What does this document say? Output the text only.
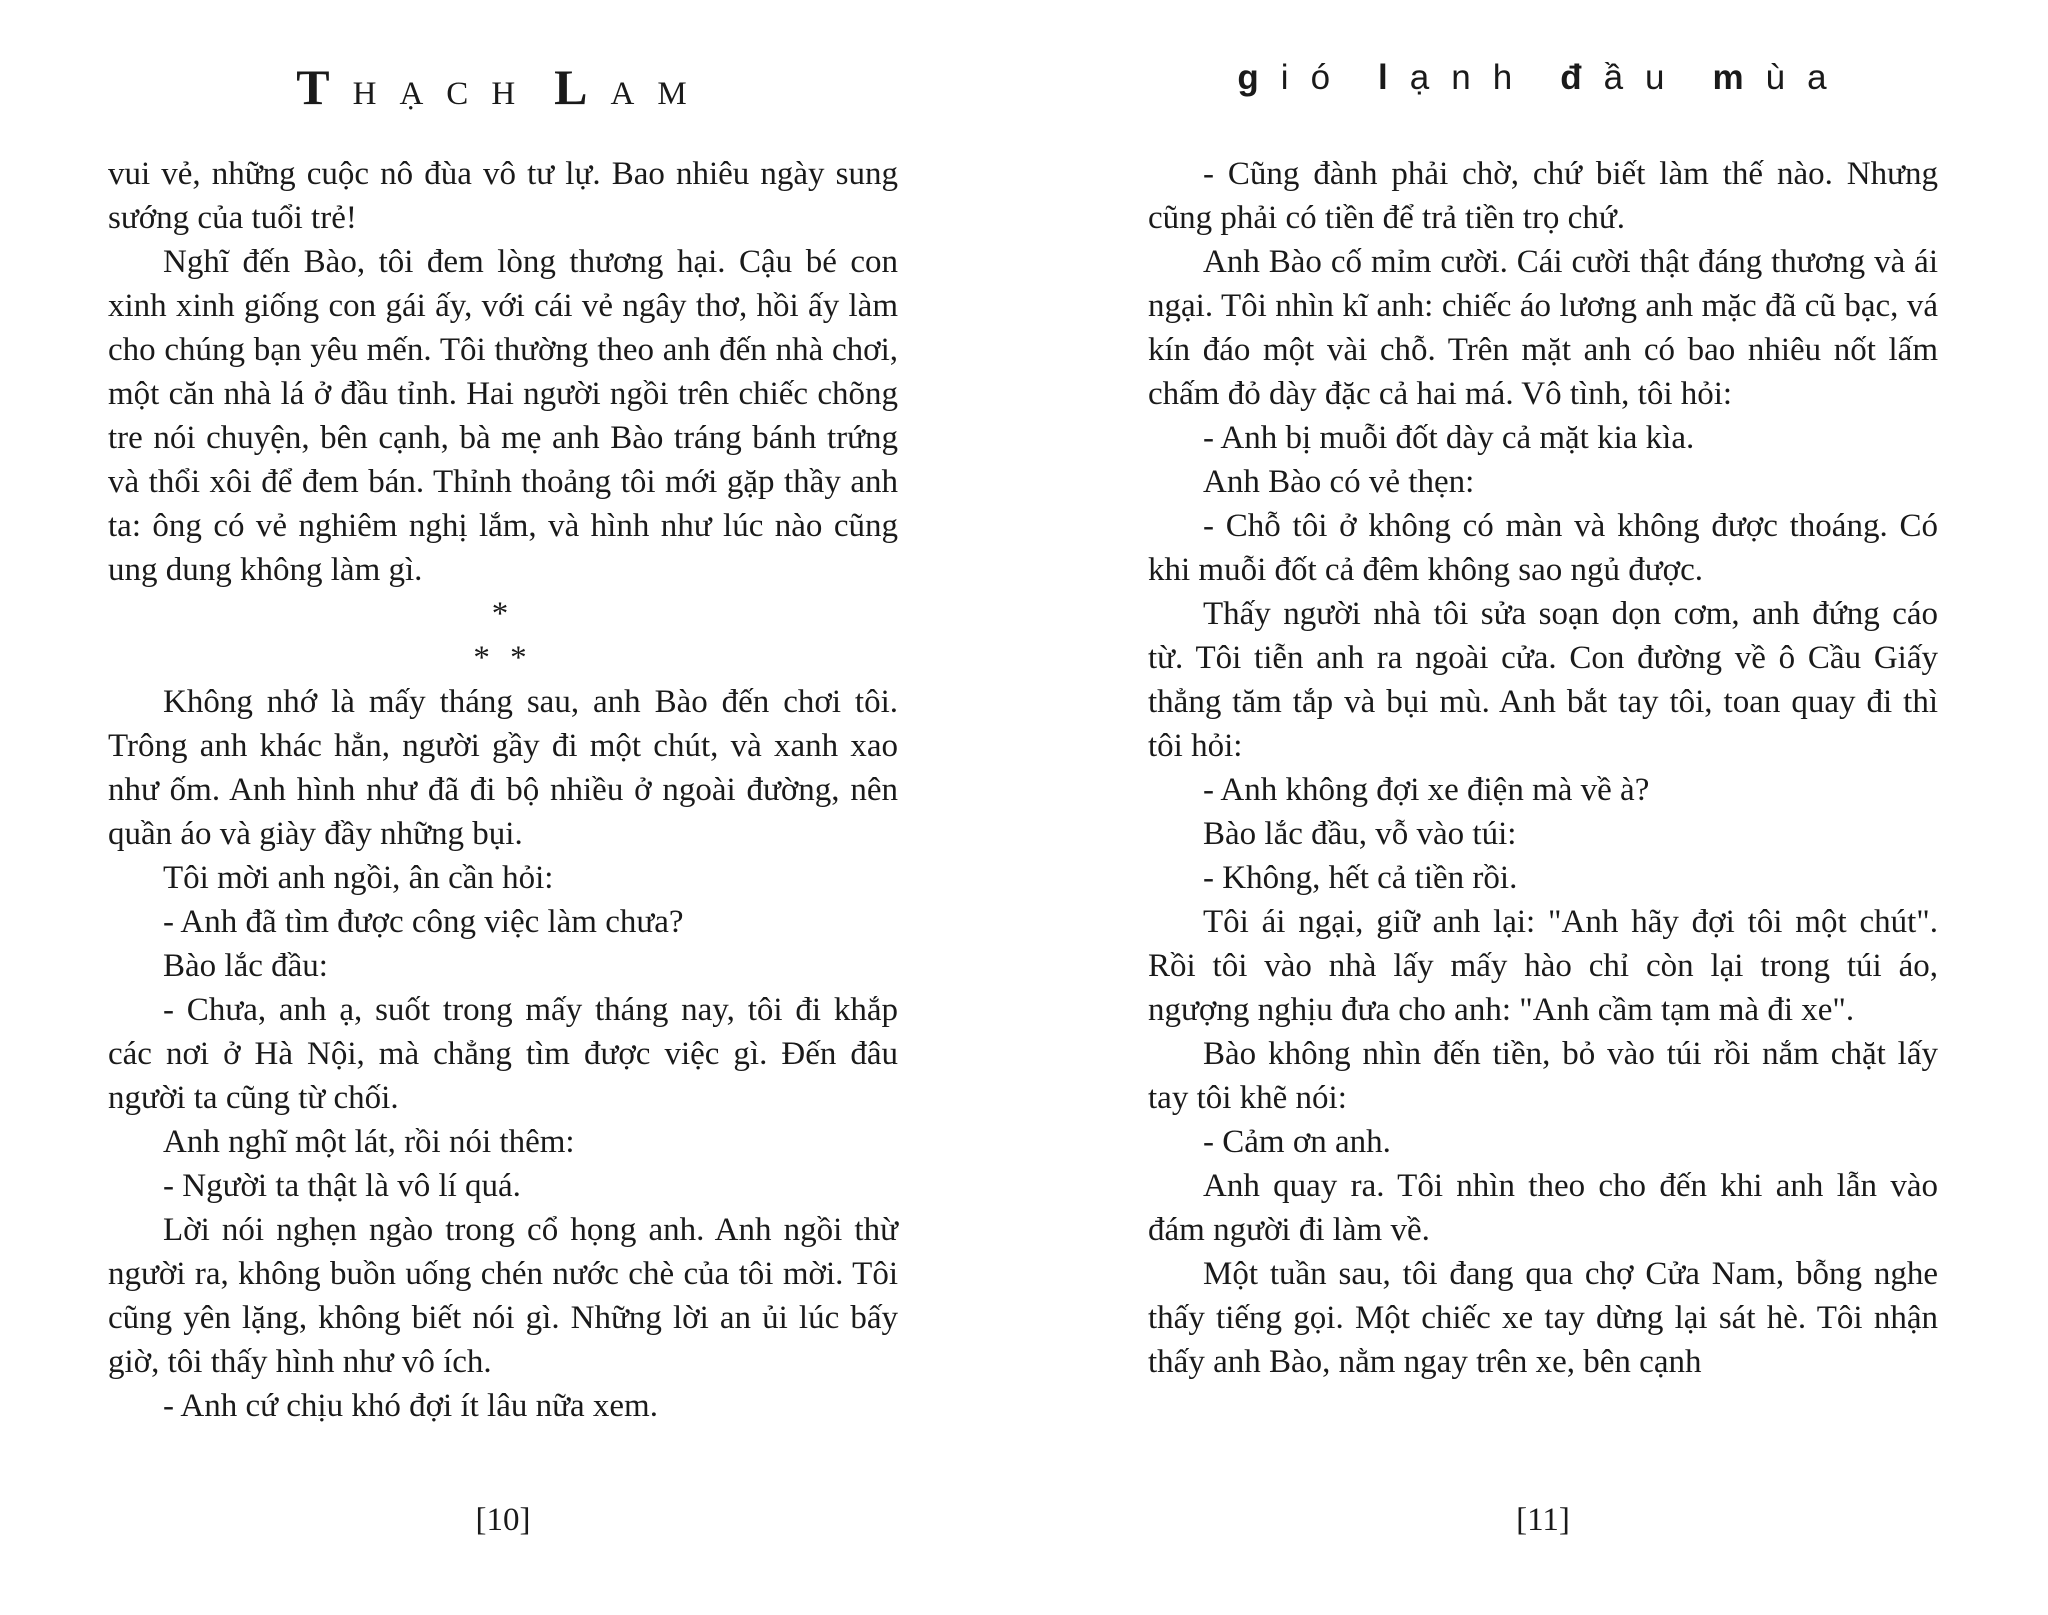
THẠCH LAM

vui vẻ, những cuộc nô đùa vô tư lự. Bao nhiêu ngày sung sướng của tuổi trẻ!

Nghĩ đến Bào, tôi đem lòng thương hại. Cậu bé con xinh xinh giống con gái ấy, với cái vẻ ngây thơ, hồi ấy làm cho chúng bạn yêu mến. Tôi thường theo anh đến nhà chơi, một căn nhà lá ở đầu tỉnh. Hai người ngồi trên chiếc chõng tre nói chuyện, bên cạnh, bà mẹ anh Bào tráng bánh trứng và thổi xôi để đem bán. Thỉnh thoảng tôi mới gặp thầy anh ta: ông có vẻ nghiêm nghị lắm, và hình như lúc nào cũng ung dung không làm gì.

*
* *

Không nhớ là mấy tháng sau, anh Bào đến chơi tôi. Trông anh khác hẳn, người gầy đi một chút, và xanh xao như ốm. Anh hình như đã đi bộ nhiều ở ngoài đường, nên quần áo và giày đầy những bụi.

Tôi mời anh ngồi, ân cần hỏi:

- Anh đã tìm được công việc làm chưa?

Bào lắc đầu:

- Chưa, anh ạ, suốt trong mấy tháng nay, tôi đi khắp các nơi ở Hà Nội, mà chẳng tìm được việc gì. Đến đâu người ta cũng từ chối.

Anh nghĩ một lát, rồi nói thêm:

- Người ta thật là vô lí quá.

Lời nói nghẹn ngào trong cổ họng anh. Anh ngồi thừ người ra, không buồn uống chén nước chè của tôi mời. Tôi cũng yên lặng, không biết nói gì. Những lời an ủi lúc bấy giờ, tôi thấy hình như vô ích.

- Anh cứ chịu khó đợi ít lâu nữa xem.

[10]
gió lạnh đầu mùa

- Cũng đành phải chờ, chứ biết làm thế nào. Nhưng cũng phải có tiền để trả tiền trọ chứ.

Anh Bào cố mỉm cười. Cái cười thật đáng thương và ái ngại. Tôi nhìn kĩ anh: chiếc áo lương anh mặc đã cũ bạc, vá kín đáo một vài chỗ. Trên mặt anh có bao nhiêu nốt lấm chấm đỏ dày đặc cả hai má. Vô tình, tôi hỏi:

- Anh bị muỗi đốt dày cả mặt kia kìa.

Anh Bào có vẻ thẹn:

- Chỗ tôi ở không có màn và không được thoáng. Có khi muỗi đốt cả đêm không sao ngủ được.

Thấy người nhà tôi sửa soạn dọn cơm, anh đứng cáo từ. Tôi tiễn anh ra ngoài cửa. Con đường về ô Cầu Giấy thẳng tăm tắp và bụi mù. Anh bắt tay tôi, toan quay đi thì tôi hỏi:

- Anh không đợi xe điện mà về à?

Bào lắc đầu, vỗ vào túi:

- Không, hết cả tiền rồi.

Tôi ái ngại, giữ anh lại: "Anh hãy đợi tôi một chút". Rồi tôi vào nhà lấy mấy hào chỉ còn lại trong túi áo, ngượng nghịu đưa cho anh: "Anh cầm tạm mà đi xe".

Bào không nhìn đến tiền, bỏ vào túi rồi nắm chặt lấy tay tôi khẽ nói:

- Cảm ơn anh.

Anh quay ra. Tôi nhìn theo cho đến khi anh lẫn vào đám người đi làm về.

Một tuần sau, tôi đang qua chợ Cửa Nam, bỗng nghe thấy tiếng gọi. Một chiếc xe tay dừng lại sát hè. Tôi nhận thấy anh Bào, nằm ngay trên xe, bên cạnh

[11]
